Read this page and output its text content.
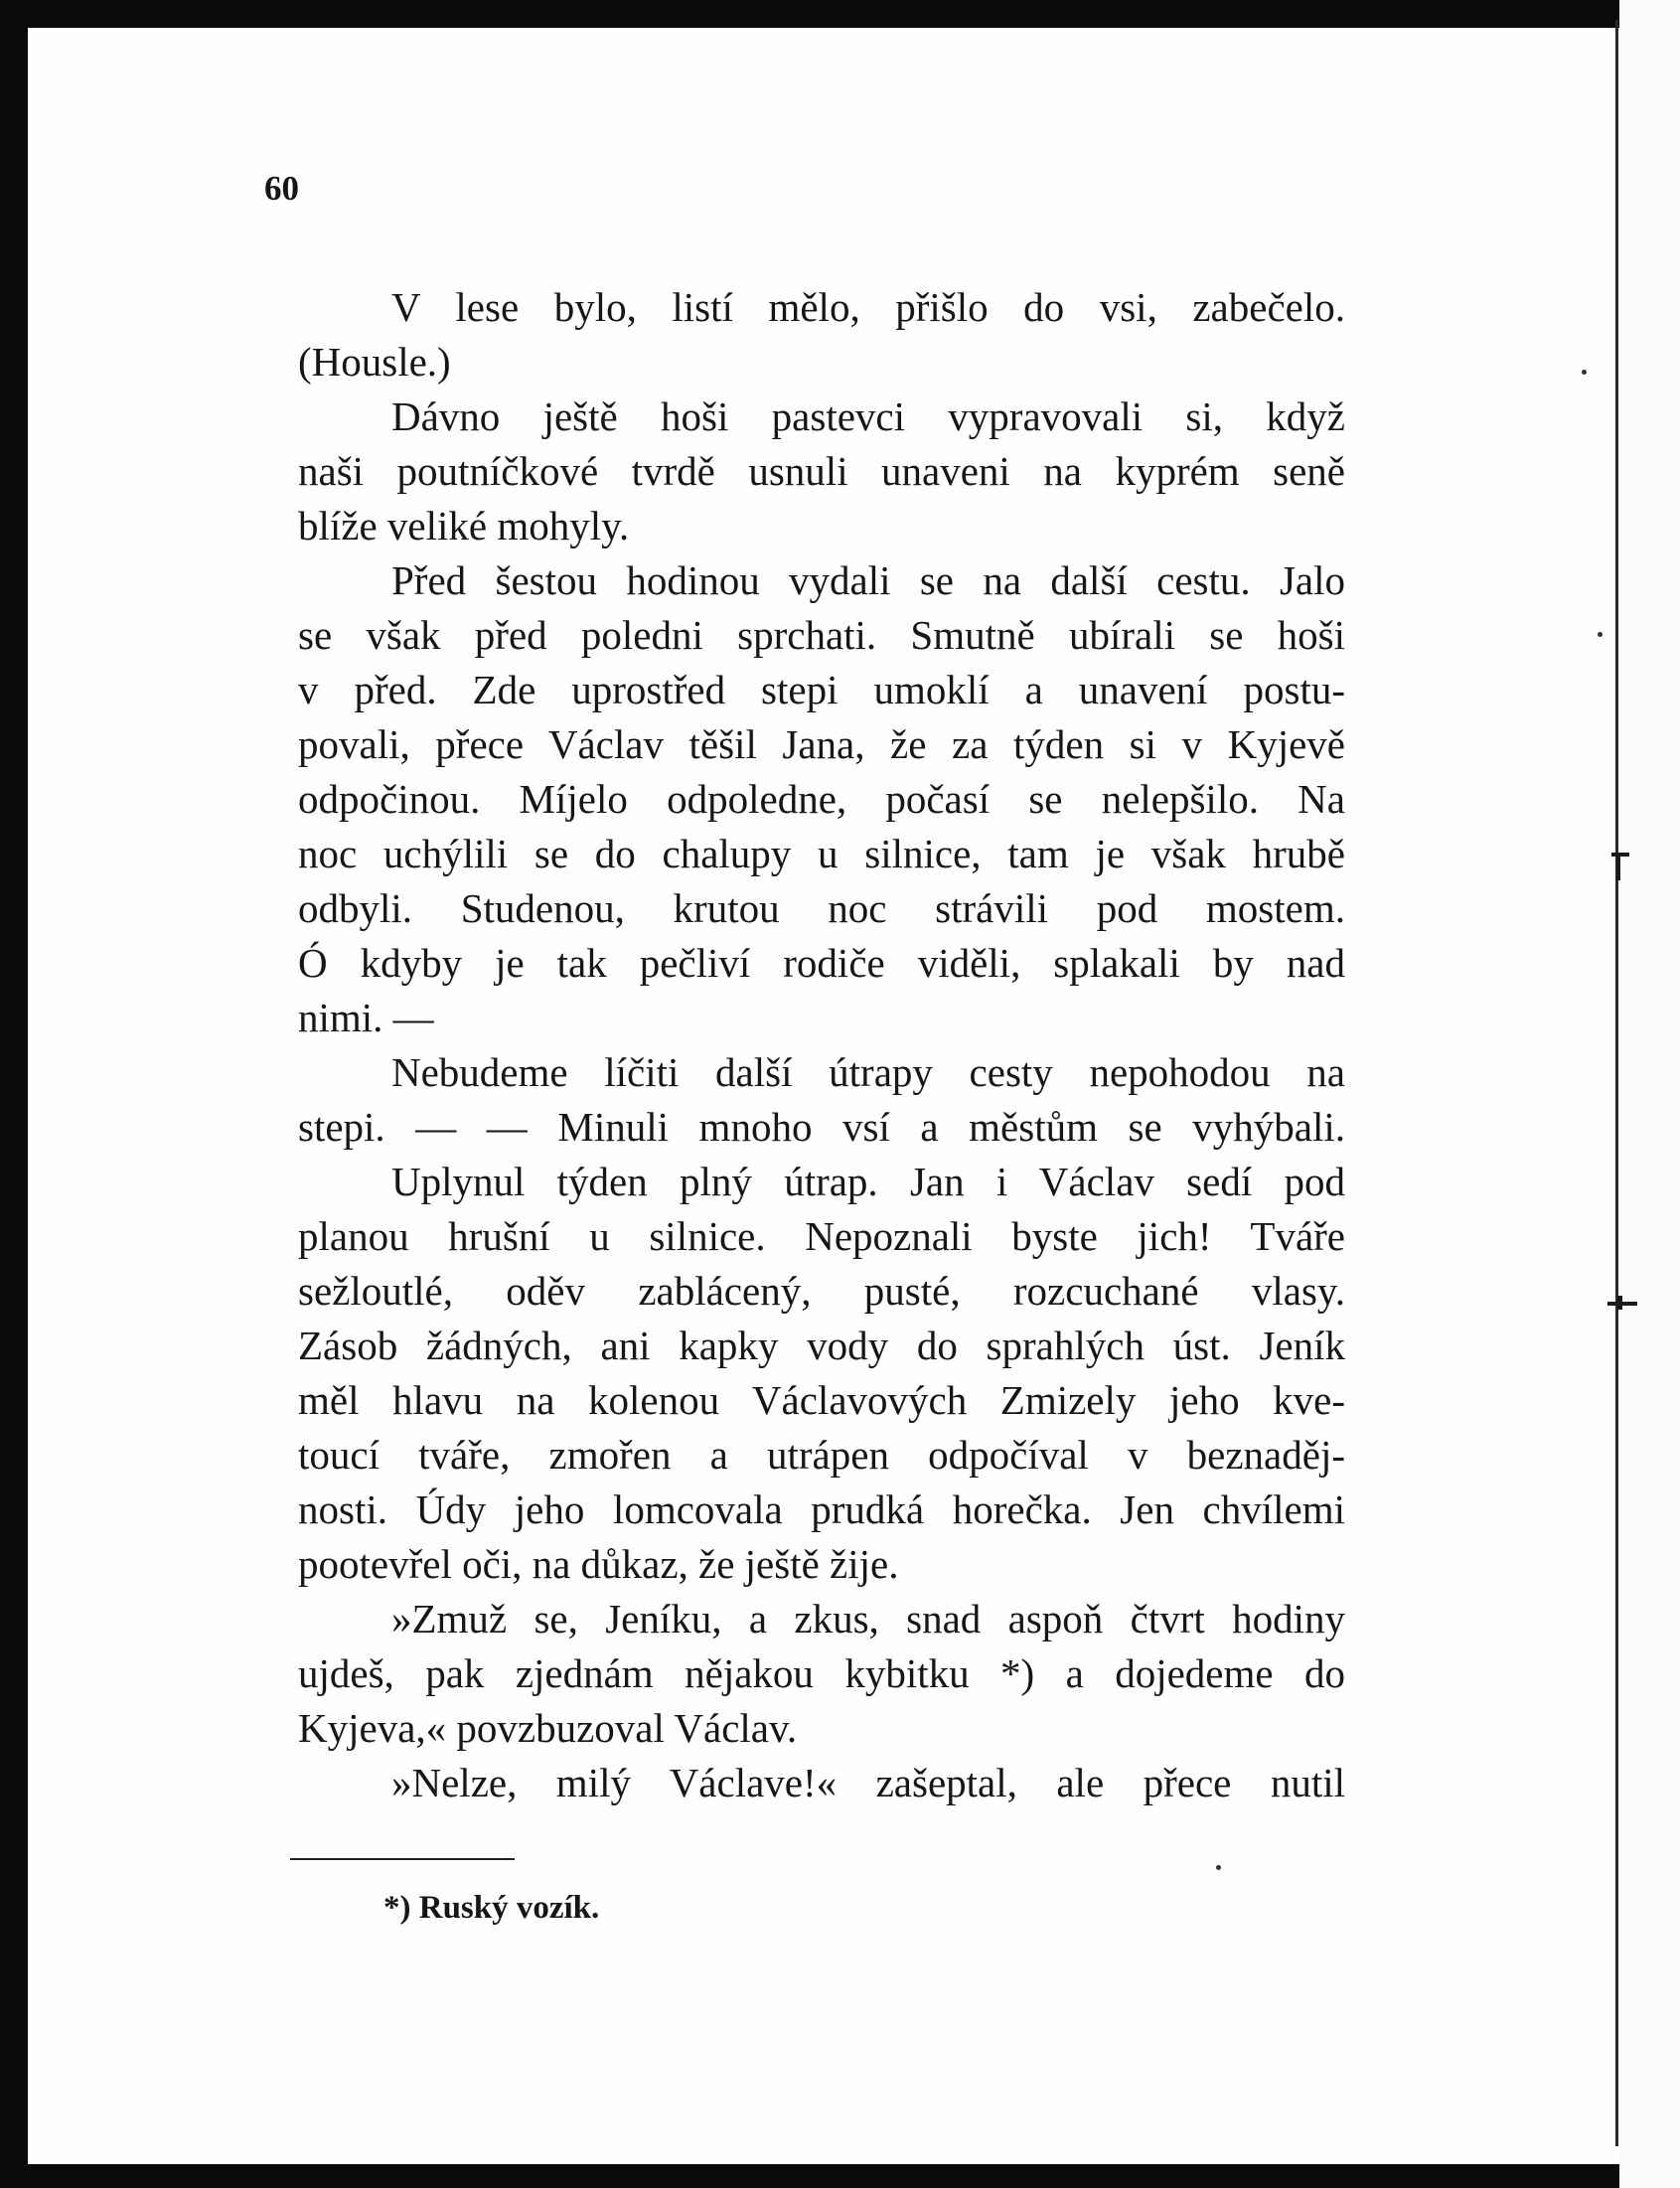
60
V lese bylo, listí mělo, přišlo do vsi, zabečelo.
(Housle.)
Dávno ještě hoši pastevci vypravovali si, když
naši poutníčkové tvrdě usnuli unaveni na kyprém seně
blíže veliké mohyly.
Před šestou hodinou vydali se na další cestu. Jalo
se však před poledni sprchati. Smutně ubírali se hoši
v před. Zde uprostřed stepi umoklí a unavení postu-
povali, přece Václav těšil Jana, že za týden si v Kyjevě
odpočinou. Míjelo odpoledne, počasí se nelepšilo. Na
noc uchýlili se do chalupy u silnice, tam je však hrubě
odbyli. Studenou, krutou noc strávili pod mostem.
Ó kdyby je tak pečliví rodiče viděli, splakali by nad
nimi. —
Nebudeme líčiti další útrapy cesty nepohodou na
stepi. — — Minuli mnoho vsí a městům se vyhýbali.
Uplynul týden plný útrap. Jan i Václav sedí pod
planou hrušní u silnice. Nepoznali byste jich! Tváře
sežloutlé, oděv zablácený, pusté, rozcuchané vlasy.
Zásob žádných, ani kapky vody do sprahlých úst. Jeník
měl hlavu na kolenou Václavových Zmizely jeho kve-
toucí tváře, zmořen a utrápen odpočíval v beznaděj-
nosti. Údy jeho lomcovala prudká horečka. Jen chvílemi
pootevřel oči, na důkaz, že ještě žije.
»Zmuž se, Jeníku, a zkus, snad aspoň čtvrt hodiny
ujdeš, pak zjednám nějakou kybitku *) a dojedeme do
Kyjeva,« povzbuzoval Václav.
»Nelze, milý Václave!« zašeptal, ale přece nutil
*) Ruský vozík.
